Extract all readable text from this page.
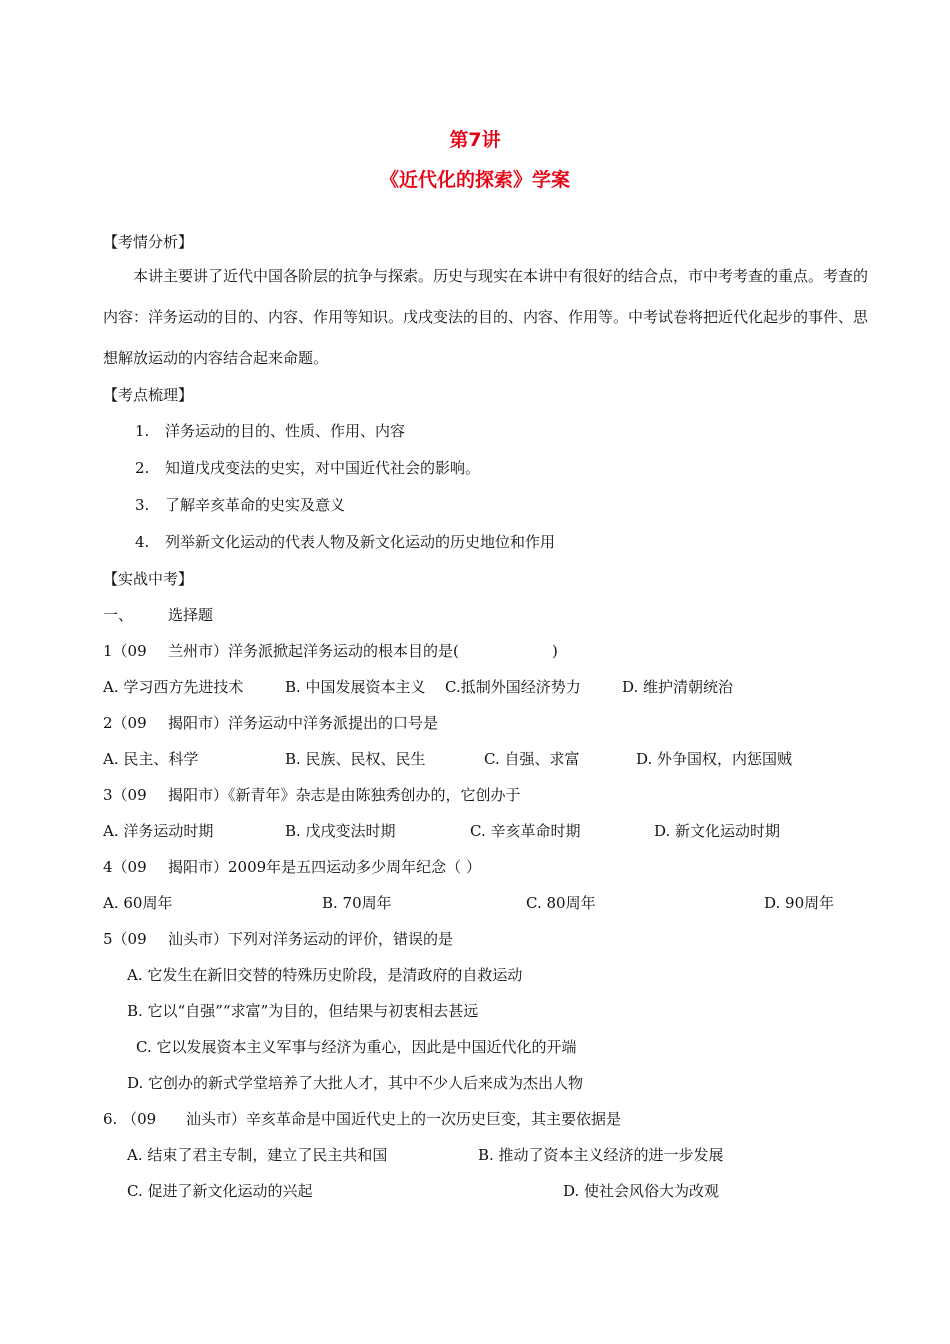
第7讲
《近代化的探索》学案
【考情分析】
本讲主要讲了近代中国各阶层的抗争与探索。历史与现实在本讲中有很好的结合点，市中考考查的重点。考查的内容：洋务运动的目的、内容、作用等知识。戊戌变法的目的、内容、作用等。中考试卷将把近代化起步的事件、思想解放运动的内容结合起来命题。
【考点梳理】
1. 洋务运动的目的、性质、作用、内容
2. 知道戊戌变法的史实，对中国近代社会的影响。
3. 了解辛亥革命的史实及意义
4. 列举新文化运动的代表人物及新文化运动的历史地位和作用
【实战中考】
一、 选择题
1（09 兰州市）洋务派掀起洋务运动的根本目的是(	)
A. 学习西方先进技术	B. 中国发展资本主义 C.抵制外国经济势力	D. 维护清朝统治
2（09 揭阳市）洋务运动中洋务派提出的口号是
A. 民主、科学	B. 民族、民权、民生	C. 自强、求富	D. 外争国权，内惩国贼
3（09 揭阳市）《新青年》杂志是由陈独秀创办的，它创办于
A. 洋务运动时期	B. 戊戌变法时期	C. 辛亥革命时期	D. 新文化运动时期
4（09 揭阳市）2009年是五四运动多少周年纪念（ ）
A. 60周年	B. 70周年	C. 80周年	D. 90周年
5（09 汕头市）下列对洋务运动的评价，错误的是
A. 它发生在新旧交替的特殊历史阶段，是清政府的自救运动
B. 它以“自强”“求富”为目的，但结果与初衷相去甚远
C. 它以发展资本主义军事与经济为重心，因此是中国近代化的开端
D. 它创办的新式学堂培养了大批人才，其中不少人后来成为杰出人物
6. （09 汕头市）辛亥革命是中国近代史上的一次历史巨变，其主要依据是
A. 结束了君主专制，建立了民主共和国	B. 推动了资本主义经济的进一步发展
C. 促进了新文化运动的兴起	D. 使社会风俗大为改观
